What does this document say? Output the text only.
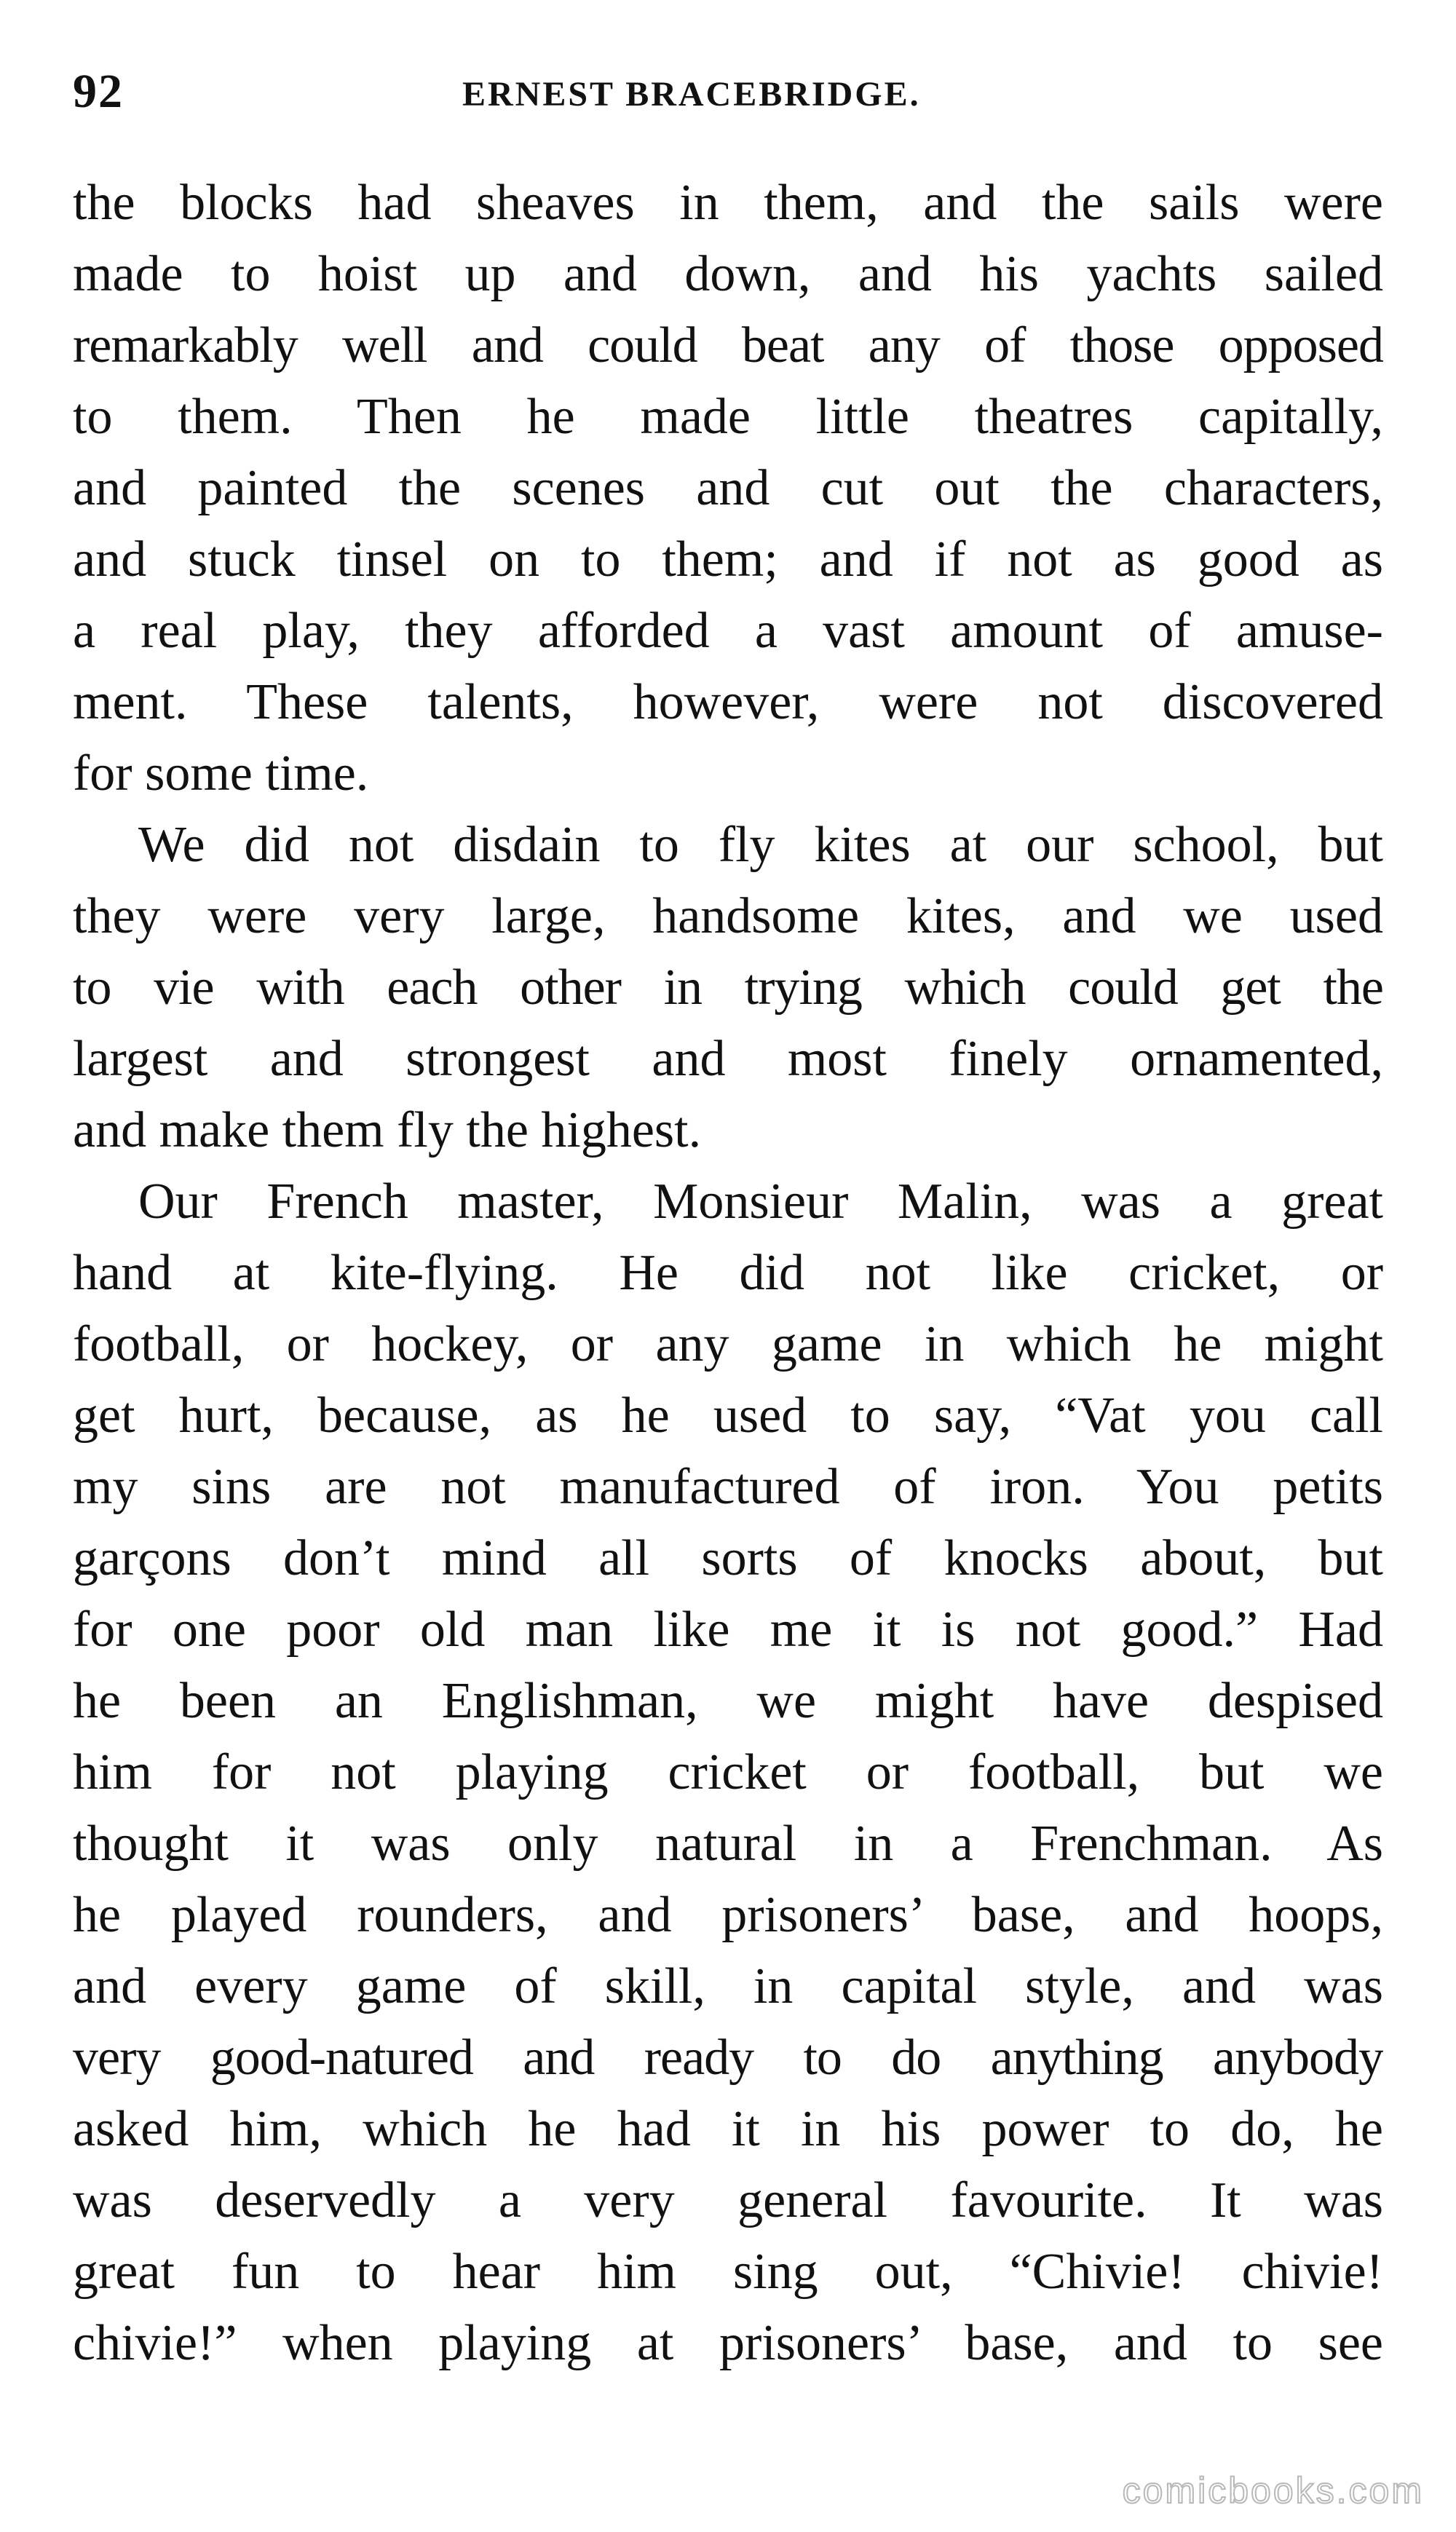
92	ERNEST BRACEBRIDGE.
the blocks had sheaves in them, and the sails were
made to hoist up and down, and his yachts sailed
remarkably well and could beat any of those opposed
to them. Then he made little theatres capitally,
and painted the scenes and cut out the characters,
and stuck tinsel on to them; and if not as good as
a real play, they afforded a vast amount of amuse-
ment. These talents, however, were not discovered
for some time.
We did not disdain to fly kites at our school, but
they were very large, handsome kites, and we used
to vie with each other in trying which could get the
largest and strongest and most finely ornamented,
and make them fly the highest.
Our French master, Monsieur Malin, was a great
hand at kite-flying. He did not like cricket, or
football, or hockey, or any game in which he might
get hurt, because, as he used to say, “Vat you call
my sins are not manufactured of iron. You petits
garçons don’t mind all sorts of knocks about, but
for one poor old man like me it is not good.” Had
he been an Englishman, we might have despised
him for not playing cricket or football, but we
thought it was only natural in a Frenchman. As
he played rounders, and prisoners’ base, and hoops,
and every game of skill, in capital style, and was
very good-natured and ready to do anything anybody
asked him, which he had it in his power to do, he
was deservedly a very general favourite. It was
great fun to hear him sing out, “Chivie! chivie!
chivie!” when playing at prisoners’ base, and to see
comicbooks.com
